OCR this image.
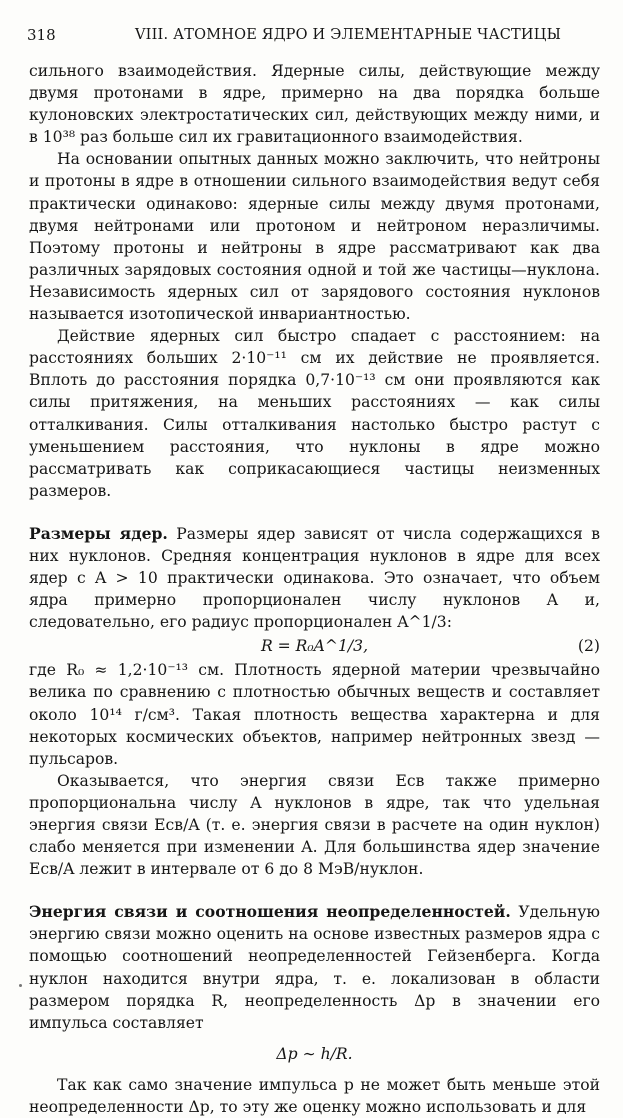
318	VIII. АТОМНОЕ ЯДРО И ЭЛЕМЕНТАРНЫЕ ЧАСТИЦЫ

сильного взаимодействия. Ядерные силы, действующие между двумя протонами в ядре, примерно на два порядка больше кулоновских электростатических сил, действующих между ними, и в 10³⁸ раз больше сил их гравитационного взаимодействия.

На основании опытных данных можно заключить, что нейтроны и протоны в ядре в отношении сильного взаимодействия ведут себя практически одинаково: ядерные силы между двумя протонами, двумя нейтронами или протоном и нейтроном неразличимы. Поэтому протоны и нейтроны в ядре рассматривают как два различных зарядовых состояния одной и той же частицы—нуклона. Независимость ядерных сил от зарядового состояния нуклонов называется изотопической инвариантностью.

Действие ядерных сил быстро спадает с расстоянием: на расстояниях больших 2·10⁻¹¹ см их действие не проявляется. Вплоть до расстояния порядка 0,7·10⁻¹³ см они проявляются как силы притяжения, на меньших расстояниях — как силы отталкивания. Силы отталкивания настолько быстро растут с уменьшением расстояния, что нуклоны в ядре можно рассматривать как соприкасающиеся частицы неизменных размеров.

Размеры ядер. Размеры ядер зависят от числа содержащихся в них нуклонов. Средняя концентрация нуклонов в ядре для всех ядер с A > 10 практически одинакова. Это означает, что объем ядра примерно пропорционален числу нуклонов A и, следовательно, его радиус пропорционален A^1/3:

R = R₀A^1/3,	(2)

где R₀ ≈ 1,2·10⁻¹³ см. Плотность ядерной материи чрезвычайно велика по сравнению с плотностью обычных веществ и составляет около 10¹⁴ г/см³. Такая плотность вещества характерна и для некоторых космических объектов, например нейтронных звезд — пульсаров.

Оказывается, что энергия связи Eсв также примерно пропорциональна числу A нуклонов в ядре, так что удельная энергия связи Eсв/A (т. е. энергия связи в расчете на один нуклон) слабо меняется при изменении A. Для большинства ядер значение Eсв/A лежит в интервале от 6 до 8 МэВ/нуклон.

Энергия связи и соотношения неопределенностей. Удельную энергию связи можно оценить на основе известных размеров ядра с помощью соотношений неопределенностей Гейзенберга. Когда нуклон находится внутри ядра, т. е. локализован в области размером порядка R, неопределенность Δp в значении его импульса составляет

Δp ∼ h/R.

Так как само значение импульса p не может быть меньше этой неопределенности Δp, то эту же оценку можно использовать и для
